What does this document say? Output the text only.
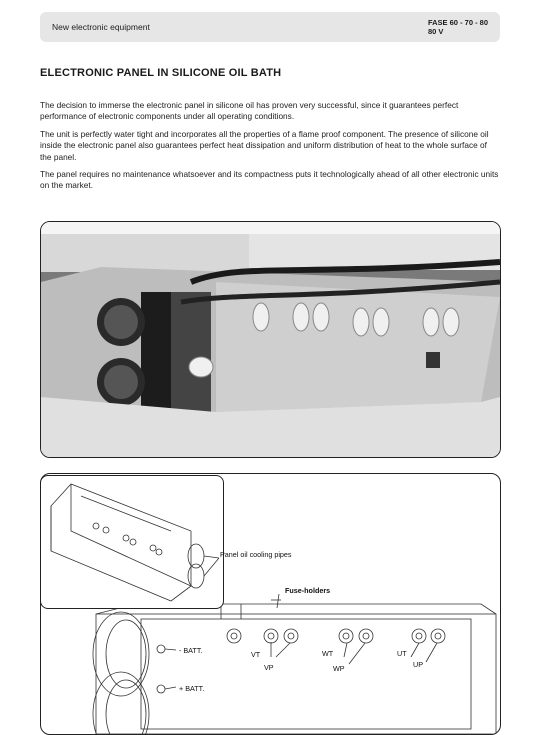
New electronic equipment	FASE 60 - 70 - 80
80 V
ELECTRONIC PANEL IN SILICONE OIL BATH

The decision to immerse the electronic panel in silicone oil has proven very successful, since it guarantees perfect performance of electronic components under all operating conditions.

The unit is perfectly water tight and incorporates all the properties of a flame proof component. The presence of silicone oil inside the electronic panel also guarantees perfect heat dissipation and uniform distribution of heat to the whole surface of the panel.

The panel requires no maintenance whatsoever and its compactness puts it technologically ahead of all other electronic units on the market.

Fuse-holders
- BATT.
+ BATT.
VT
VP
WT
WP
UT
UP
Panel oil cooling pipes
